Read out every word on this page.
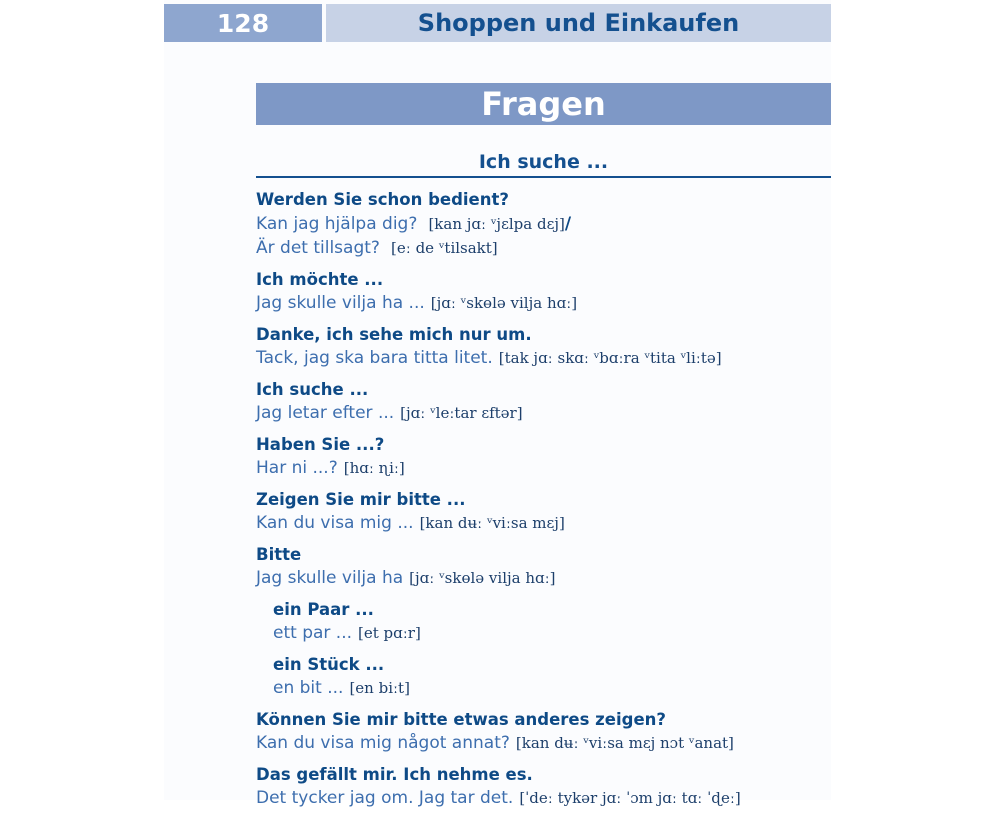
128	Shoppen und Einkaufen
Fragen
Ich suche ...
Werden Sie schon bedient?
Kan jag hjälpa dig? [kan jɑː ᵛjɛlpa dɛj]/
Är det tillsagt? [eː de ᵛtilsakt]
Ich möchte ...
Jag skulle vilja ha ... [jɑː ᵛskɵlə vilja hɑː]
Danke, ich sehe mich nur um.
Tack, jag ska bara titta litet. [tak jɑː skɑː ᵛbɑːra ᵛtita ᵛliːtə]
Ich suche ...
Jag letar efter ... [jɑː ᵛleːtar ɛftər]
Haben Sie ...?
Har ni ...? [hɑː ɳiː]
Zeigen Sie mir bitte ...
Kan du visa mig ... [kan dʉː ᵛviːsa mɛj]
Bitte
Jag skulle vilja ha [jɑː ᵛskɵlə vilja hɑː]
ein Paar ...
ett par ... [et pɑːr]
ein Stück ...
en bit ... [en biːt]
Können Sie mir bitte etwas anderes zeigen?
Kan du visa mig något annat? [kan dʉː ᵛviːsa mɛj nɔt ᵛanat]
Das gefällt mir. Ich nehme es.
Det tycker jag om. Jag tar det. [ˈdeː tykər jɑː ˈɔm jɑː tɑː ˈɖeː]
